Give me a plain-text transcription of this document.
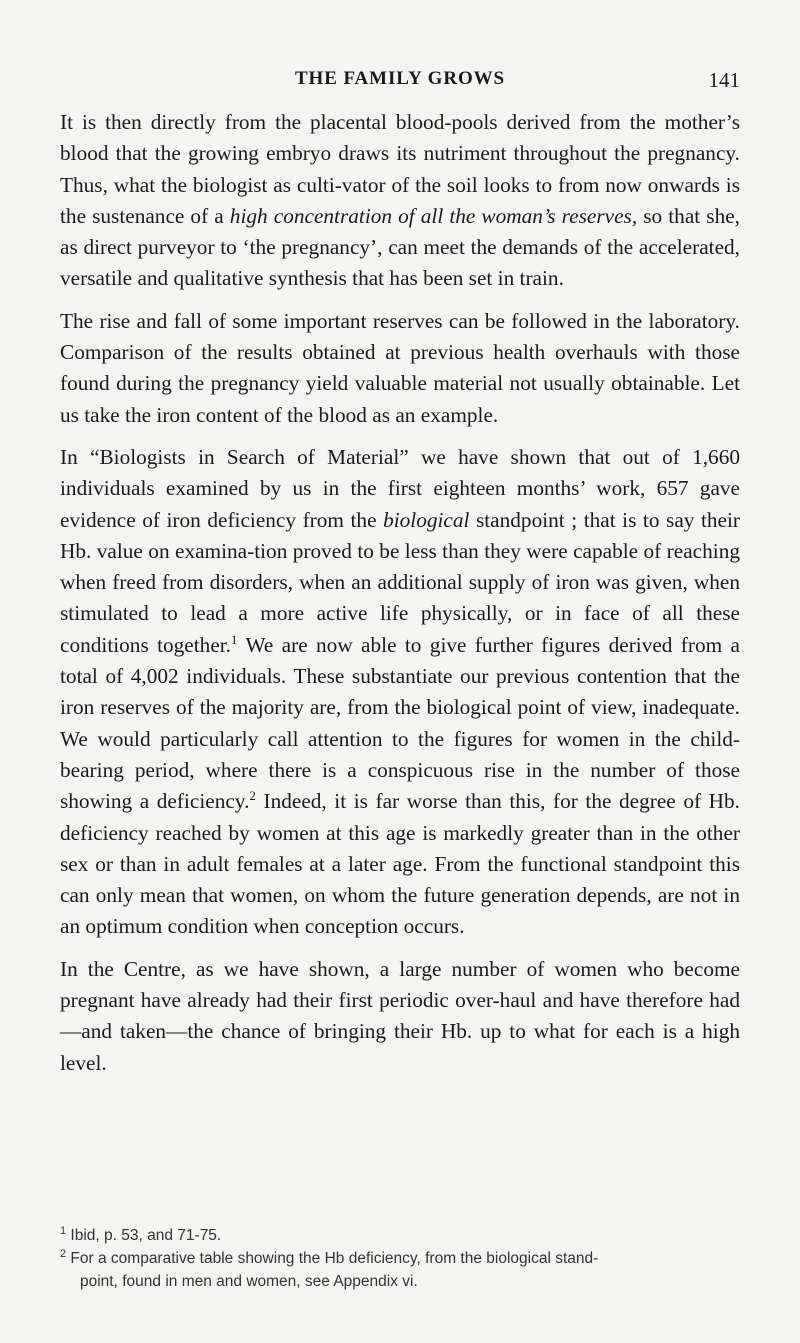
THE FAMILY GROWS	141

It is then directly from the placental blood-pools derived from the mother’s blood that the growing embryo draws its nutriment throughout the pregnancy. Thus, what the biologist as culti-vator of the soil looks to from now onwards is the sustenance of a high concentration of all the woman’s reserves, so that she, as direct purveyor to ‘the pregnancy’, can meet the demands of the accelerated, versatile and qualitative synthesis that has been set in train.

The rise and fall of some important reserves can be followed in the laboratory. Comparison of the results obtained at previous health overhauls with those found during the pregnancy yield valuable material not usually obtainable. Let us take the iron content of the blood as an example.

In “Biologists in Search of Material” we have shown that out of 1,660 individuals examined by us in the first eighteen months’ work, 657 gave evidence of iron deficiency from the biological standpoint ; that is to say their Hb. value on examina-tion proved to be less than they were capable of reaching when freed from disorders, when an additional supply of iron was given, when stimulated to lead a more active life physically, or in face of all these conditions together.$^1$ We are now able to give further figures derived from a total of 4,002 individuals. These substantiate our previous contention that the iron reserves of the majority are, from the biological point of view, inadequate. We would particularly call attention to the figures for women in the child-bearing period, where there is a conspicuous rise in the number of those showing a deficiency.$^2$ Indeed, it is far worse than this, for the degree of Hb. deficiency reached by women at this age is markedly greater than in the other sex or than in adult females at a later age. From the functional standpoint this can only mean that women, on whom the future generation depends, are not in an optimum condition when conception occurs.

In the Centre, as we have shown, a large number of women who become pregnant have already had their first periodic over-haul and have therefore had—and taken—the chance of bringing their Hb. up to what for each is a high level.

$^1$ Ibid, p. 53, and 71-75.

$^2$ For a comparative table showing the Hb deficiency, from the biological stand-

point, found in men and women, see Appendix vi.
